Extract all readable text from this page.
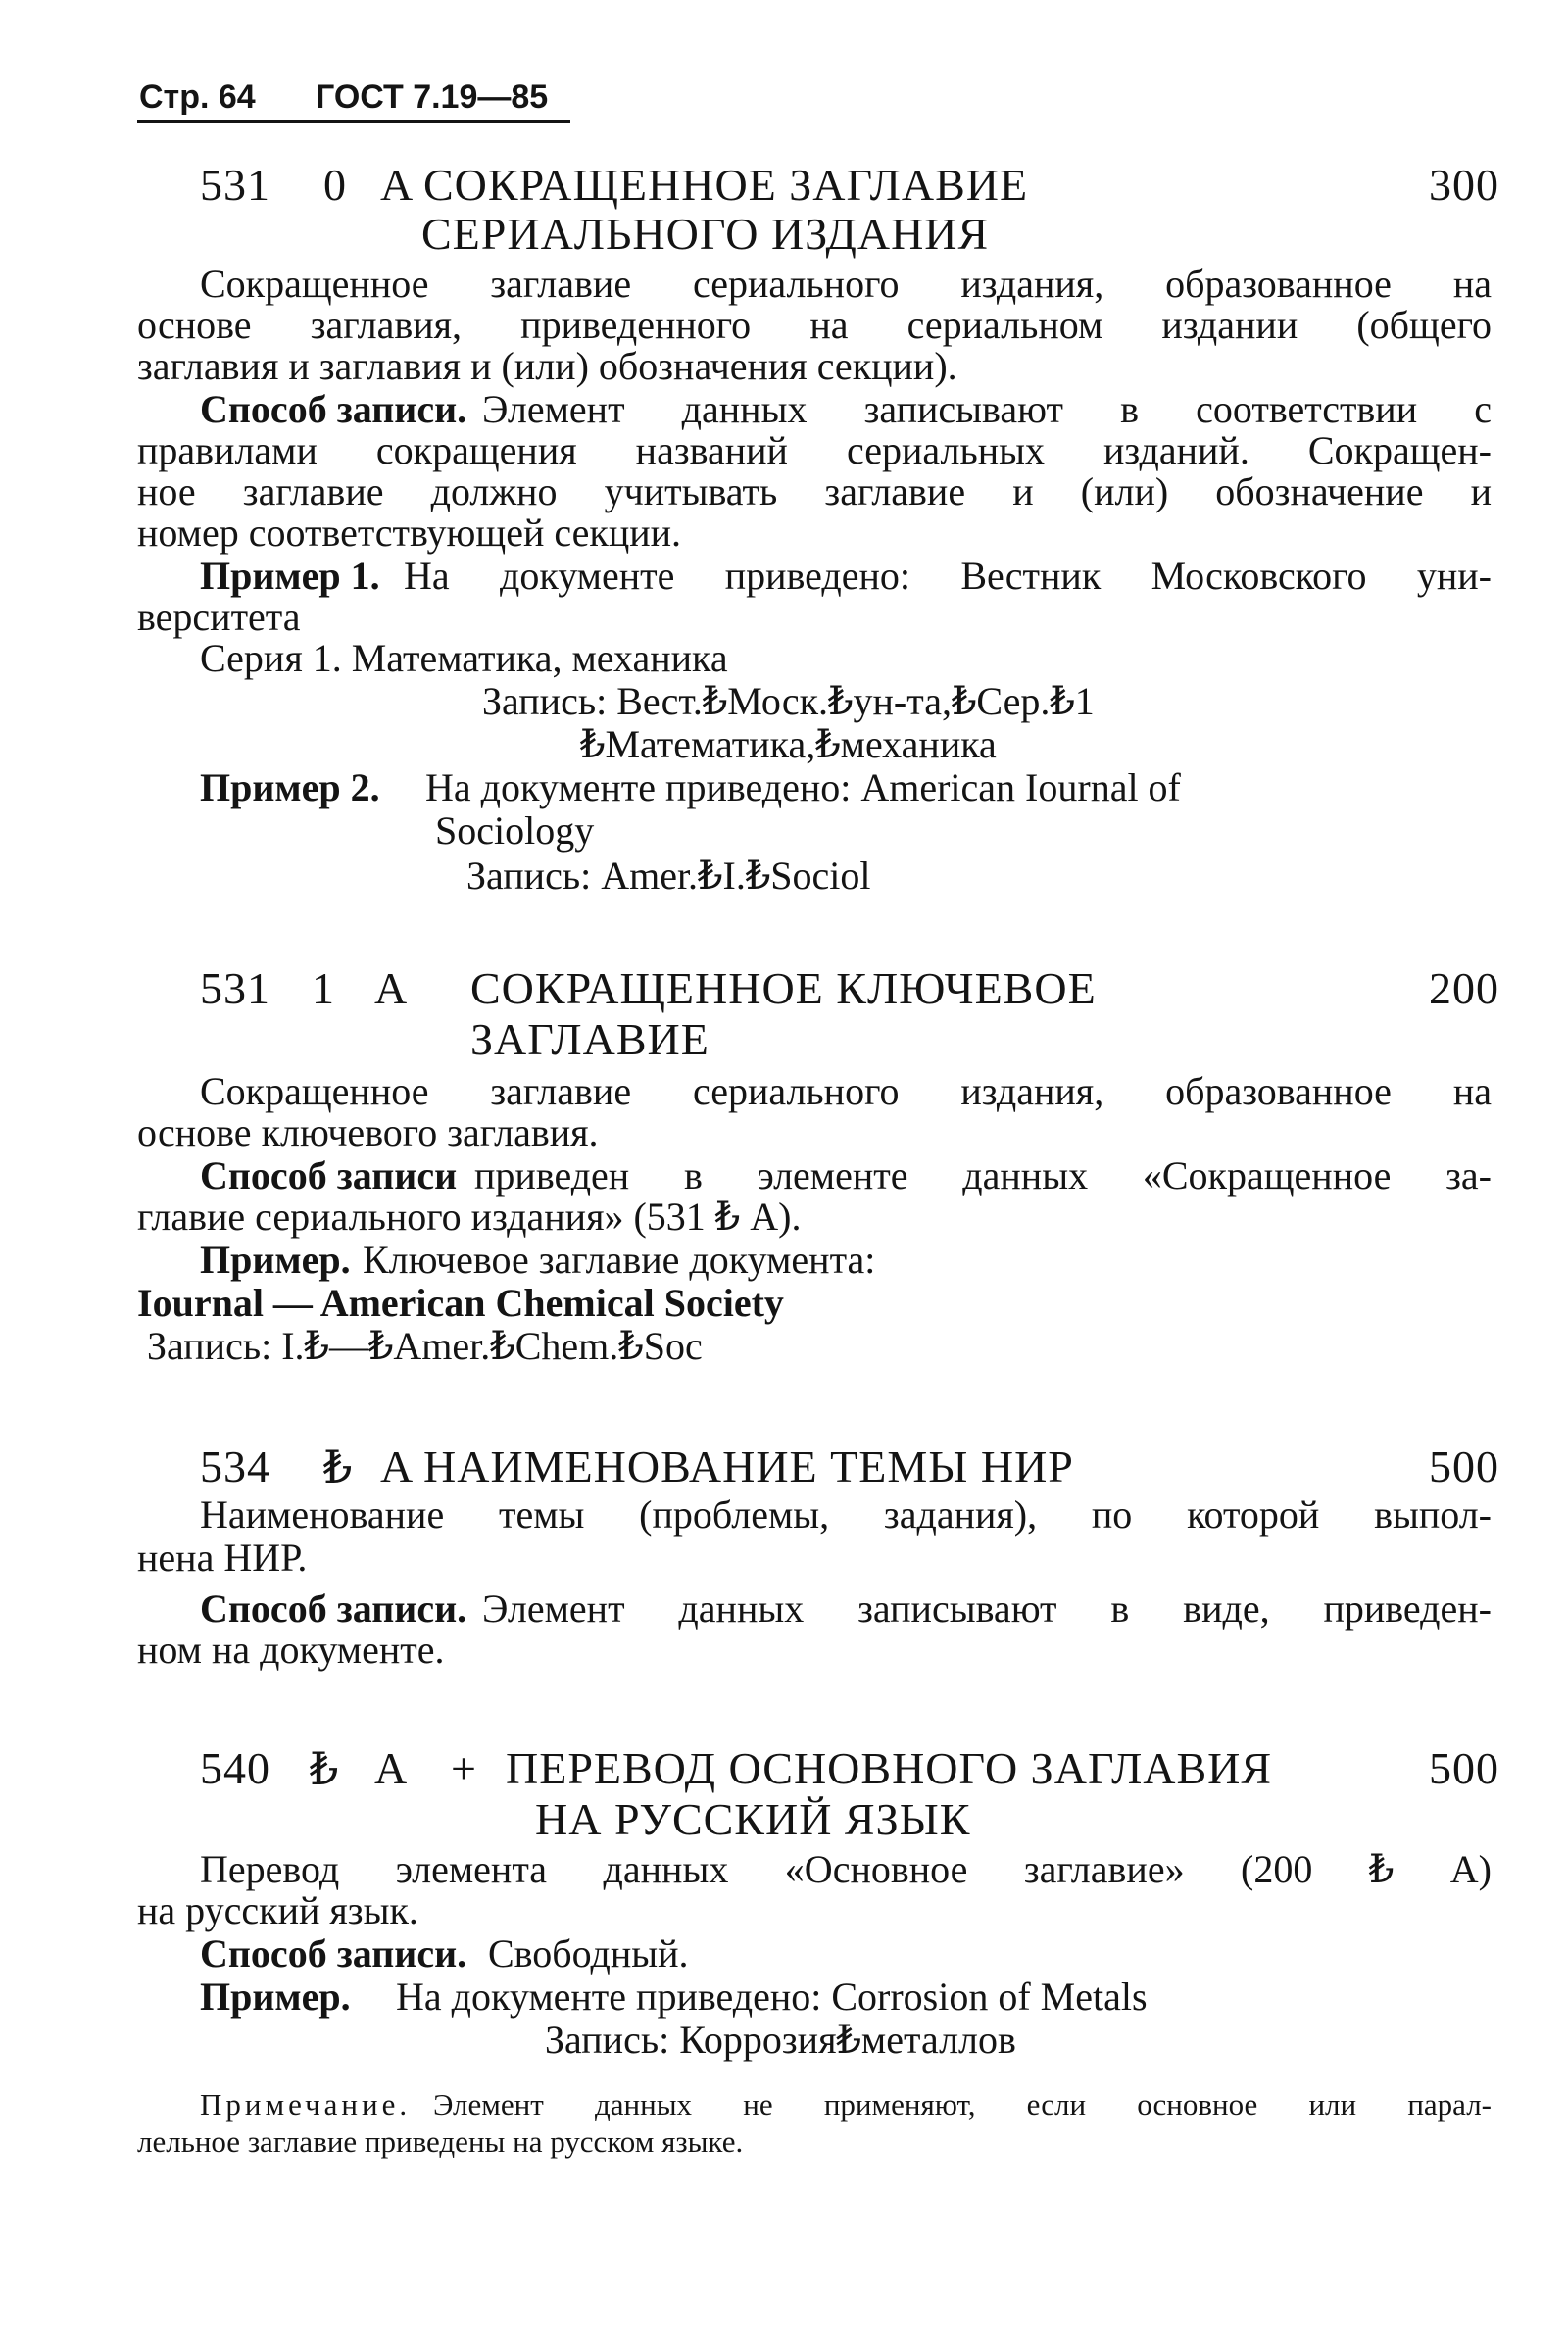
Стр. 64 ГОСТ 7.19—85
531 0 A СОКРАЩЕННОЕ ЗАГЛАВИЕ	300
СЕРИАЛЬНОГО ИЗДАНИЯ
Сокращенное заглавие сериального издания, образованное на
основе заглавия, приведенного на сериальном издании (общего
заглавия и заглавия и (или) обозначения секции).
Способ записи. Элемент данных записывают в соответствии с
правилами сокращения названий сериальных изданий. Сокращен-
ное заглавие должно учитывать заглавие и (или) обозначение и
номер соответствующей секции.
Пример 1. На документе приведено: Вестник Московского уни-
верситета
Серия 1. Математика, механика
Запись: Вест.₺Моск.₺ун-та,₺Сер.₺1
₺Математика,₺механика
Пример 2. На документе приведено: American Iournal of
Sociology
Запись: Amer.₺I.₺Sociol
531 1 A СОКРАЩЕННОЕ КЛЮЧЕВОЕ	200
ЗАГЛАВИЕ
Сокращенное заглавие сериального издания, образованное на
основе ключевого заглавия.
Способ записи приведен в элементе данных «Сокращенное за-
главие сериального издания» (531 ₺ A).
Пример. Ключевое заглавие документа:
Iournal — American Chemical Society
Запись: I.₺—₺Amer.₺Chem.₺Soc
534 ₺ A НАИМЕНОВАНИЕ ТЕМЫ НИР	500
Наименование темы (проблемы, задания), по которой выпол-
нена НИР.
Способ записи. Элемент данных записывают в виде, приведен-
ном на документе.
540 ₺ A + ПЕРЕВОД ОСНОВНОГО ЗАГЛАВИЯ	500
НА РУССКИЙ ЯЗЫК
Перевод элемента данных «Основное заглавие» (200 ₺ A)
на русский язык.
Способ записи. Свободный.
Пример. На документе приведено: Corrosion of Metals
Запись: Коррозия₺металлов
Примечание. Элемент данных не применяют, если основное или парал-
лельное заглавие приведены на русском языке.
